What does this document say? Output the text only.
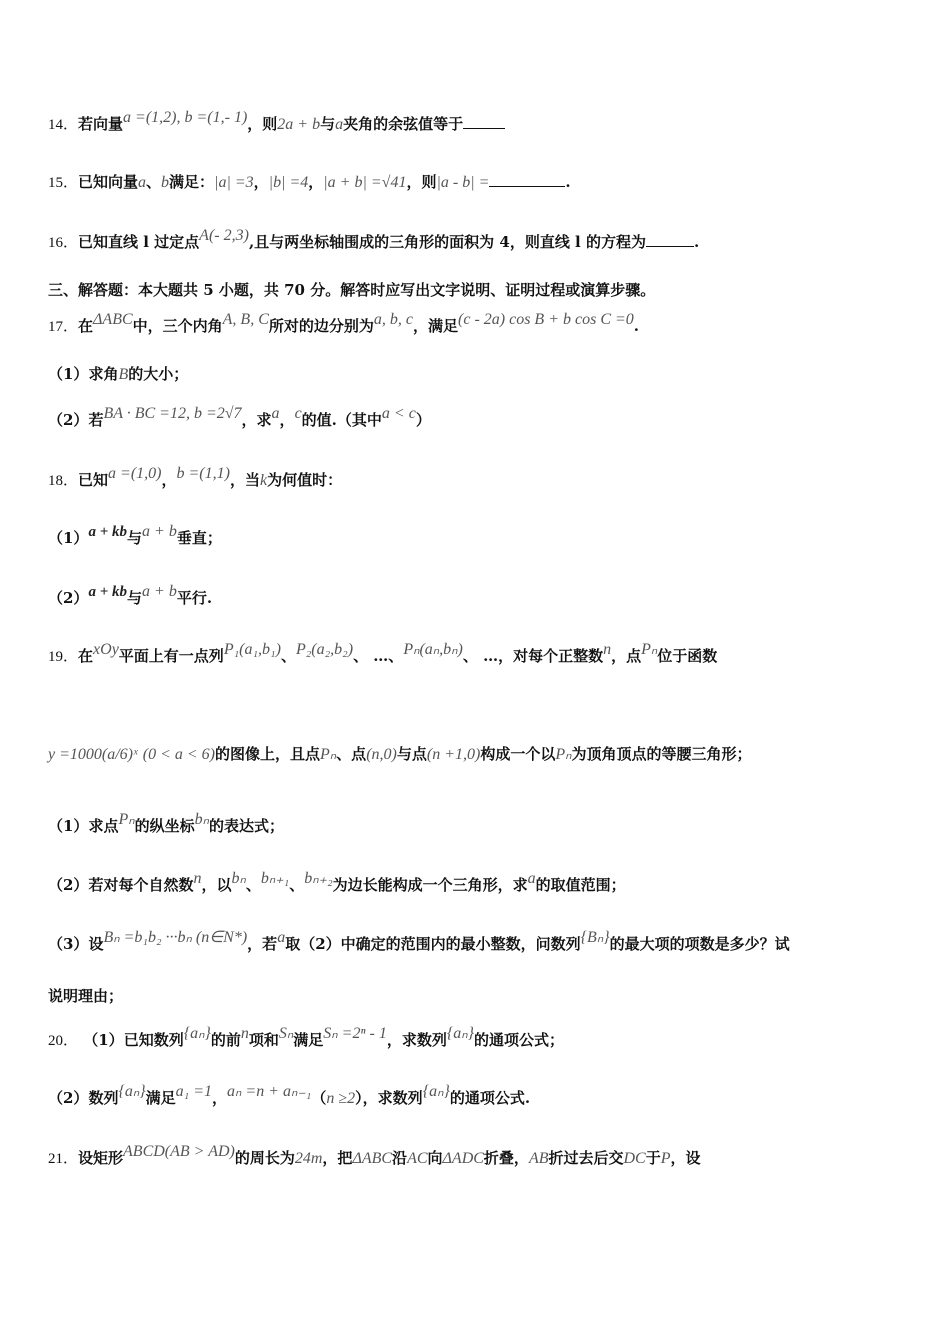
14．若向量a =(1,2), b =(1,- 1)，则2a + b与a夹角的余弦值等于
15．已知向量a、b满足：|a| =3，|b| =4，|a + b| =√41，则|a - b| =	.
16．已知直线 l 过定点A(- 2,3),且与两坐标轴围成的三角形的面积为 4，则直线 l 的方程为	.
三、解答题：本大题共 5 小题，共 70 分。解答时应写出文字说明、证明过程或演算步骤。
17．在ΔABC中，三个内角A, B, C所对的边分别为a, b, c，满足(c - 2a) cos B + b cos C =0.
（1）求角B的大小；
（2）若BA · BC =12, b =2√7，求a，c的值.（其中a < c）
18．已知a =(1,0)，b =(1,1)，当k为何值时：
（1）a + kb与a + b垂直；
（2）a + kb与a + b平行.
19．在xOy平面上有一点列P₁(a₁,b₁)、P₂(a₂,b₂)、 …、Pₙ(aₙ,bₙ)、 …，对每个正整数n，点Pₙ位于函数
y =1000(a/6)ˣ (0 < a < 6)的图像上，且点Pₙ、点(n,0)与点(n +1,0)构成一个以Pₙ为顶角顶点的等腰三角形；
（1）求点Pₙ的纵坐标bₙ的表达式；
（2）若对每个自然数n，以bₙ、bₙ₊₁、bₙ₊₂为边长能构成一个三角形，求a的取值范围；
（3）设Bₙ =b₁b₂ ···bₙ (n∈N*)，若a取（2）中确定的范围内的最小整数，问数列{Bₙ}的最大项的项数是多少？试
说明理由；
20． （1）已知数列{aₙ}的前n项和Sₙ满足Sₙ =2ⁿ - 1，求数列{aₙ}的通项公式；
（2）数列{aₙ}满足a₁ =1，aₙ =n + aₙ₋₁（n ≥2），求数列{aₙ}的通项公式.
21．设矩形ABCD(AB > AD)的周长为24m，把ΔABC沿AC向ΔADC折叠，AB折过去后交DC于P，设
